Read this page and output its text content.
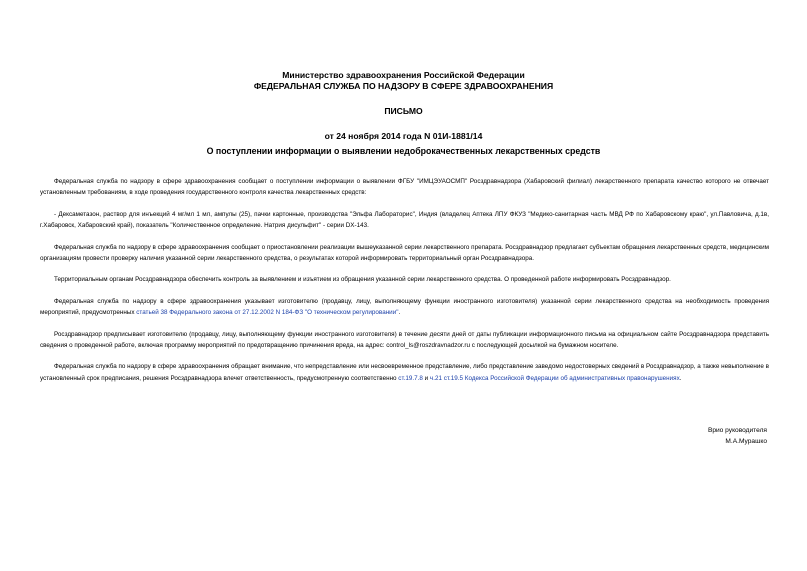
Министерство здравоохранения Российской Федерации
ФЕДЕРАЛЬНАЯ СЛУЖБА ПО НАДЗОРУ В СФЕРЕ ЗДРАВООХРАНЕНИЯ
ПИСЬМО
от 24 ноября 2014 года N 01И-1881/14
О поступлении информации о выявлении недоброкачественных лекарственных средств

Федеральная служба по надзору в сфере здравоохранения сообщает о поступлении информации о выявлении ФГБУ "ИМЦЭУАОСМП" Росздравнадзора (Хабаровский филиал) лекарственного препарата качество которого не отвечает установленным требованиям, в ходе проведения государственного контроля качества лекарственных средств:

- Дексаметазон, раствор для инъекций 4 мг/мл 1 мл, ампулы (25), пачки картонные, производства "Эльфа Лабораторис", Индия (владелец Аптека ЛПУ ФКУЗ "Медико-санитарная часть МВД РФ по Хабаровскому краю", ул.Павловича, д.1в, г.Хабаровск, Хабаровский край), показатель "Количественное определение. Натрия дисульфит" - серии DX-143.

Федеральная служба по надзору в сфере здравоохранения сообщает о приостановлении реализации вышеуказанной серии лекарственного препарата. Росздравнадзор предлагает субъектам обращения лекарственных средств, медицинским организациям провести проверку наличия указанной серии лекарственного средства, о результатах которой информировать территориальный орган Росздравнадзора.

Территориальным органам Росздравнадзора обеспечить контроль за выявлением и изъятием из обращения указанной серии лекарственного средства. О проведенной работе информировать Росздравнадзор.

Федеральная служба по надзору в сфере здравоохранения указывает изготовителю (продавцу, лицу, выполняющему функции иностранного изготовителя) указанной серии лекарственного средства на необходимость проведения мероприятий, предусмотренных статьей 38 Федерального закона от 27.12.2002 N 184-ФЗ "О техническом регулировании".

Росздравнадзор предписывает изготовителю (продавцу, лицу, выполняющему функции иностранного изготовителя) в течение десяти дней от даты публикации информационного письма на официальном сайте Росздравнадзора представить сведения о проведенной работе, включая программу мероприятий по предотвращению причинения вреда, на адрес: control_ls@roszdravnadzor.ru с последующей досылкой на бумажном носителе.

Федеральная служба по надзору в сфере здравоохранения обращает внимание, что непредставление или несвоевременное представление, либо представление заведомо недостоверных сведений в Росздравнадзор, а также невыполнение в установленный срок предписания, решения Росздравнадзора влечет ответственность, предусмотренную соответственно ст.19.7.8 и ч.21 ст.19.5 Кодекса Российской Федерации об административных правонарушениях.

Врио руководителя
М.А.Мурашко
